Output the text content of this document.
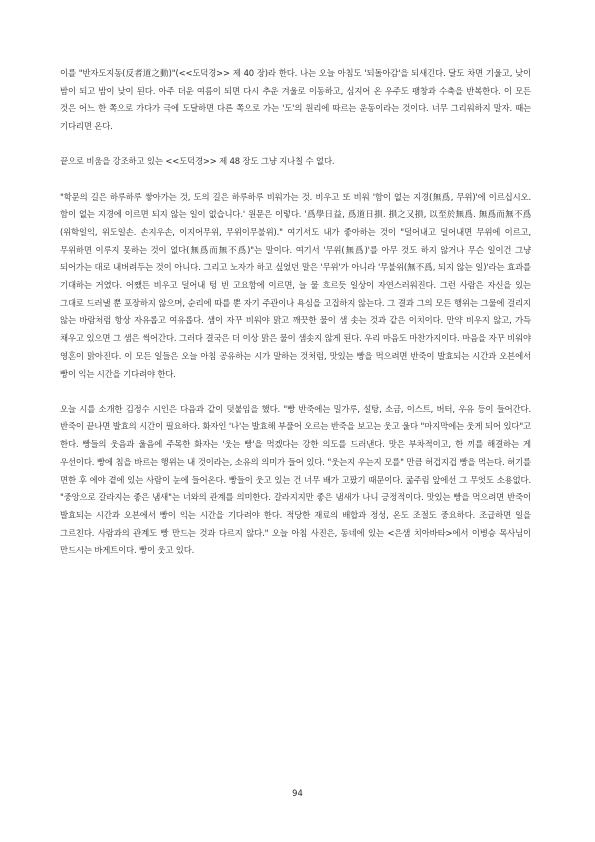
이를 "반자도지동(反者道之動)"(<<도덕경>> 제 40 장)라 한다. 나는 오늘 아침도 '되돌아감'을 되새긴다. 달도 차면 기울고, 낮이 밤이 되고 밤이 낮이 된다. 아주 더운 여름이 되면 다시 추운 겨울로 이동하고, 심지어 온 우주도 팽창과 수축을 반복한다. 이 모든 것은 어느 한 쪽으로 가다가 극에 도달하면 다른 쪽으로 가는 '도'의 원리에 따르는 운동이라는 것이다. 너무 그리워하지 말자. 때는 기다리면 온다.

끝으로 비움을 강조하고 있는 <<도덕경>> 제 48 장도 그냥 지나칠 수 없다.

"학문의 길은 하루하루 쌓아가는 것, 도의 길은 하루하루 비워가는 것. 비우고 또 비워 '함이 없는 지경(無爲, 무위)'에 이르십시오. 함이 없는 지경에 이르면 되지 않는 일이 없습니다.' 원문은 이렇다. '爲學日益, 爲道日損. 損之又損, 以至於無爲. 無爲而無不爲(위학일익, 위도일손. 손지우손, 이지어무위, 무위이무불위)." 여기서도 내가 좋아하는 것이 "덜어내고 덜어내면 무위에 이르고, 무위하면 이루지 못하는 것이 없다(無爲而無不爲)"는 말이다. 여기서 '무위(無爲)'를 아무 것도 하지 않거나 무슨 일이건 그냥 되어가는 대로 내버려두는 것이 아니다. 그리고 노자가 하고 싶었던 말은 '무위'가 아니라 '무불위(無不爲, 되지 않는 일)'라는 효과를 기대하는 거였다. 어쨌든 비우고 덜어내 텅 빈 고요함에 이르면, 늘 물 흐르듯 일상이 자연스러워진다. 그런 사람은 자신을 있는 그대로 드러낼 뿐 포장하지 않으며, 순리에 따를 뿐 자기 주관이나 욕심을 고집하지 않는다. 그 결과 그의 모든 행위는 그물에 걸리지 않는 바람처럼 항상 자유롭고 여유롭다. 샘이 자꾸 비워야 맑고 깨끗한 물이 샘 솟는 것과 같은 이치이다. 만약 비우지 않고, 가득 채우고 있으면 그 샘은 썩어간다. 그러다 결국은 더 이상 맑은 물이 샘솟지 않게 된다. 우리 마음도 마찬가지이다. 마음을 자꾸 비워야 영혼이 맑아진다. 이 모든 일들은 오늘 아침 공유하는 시가 말하는 것처럼, 맛있는 빵을 먹으려면 반죽이 발효되는 시간과 오븐에서 빵이 익는 시간을 기다려야 한다.

오늘 시를 소개한 김정수 시인은 다음과 같이 덧붙임을 했다. "빵 반죽에는 밀가루, 설탕, 소금, 이스트, 버터, 우유 등이 들어간다. 반죽이 끝나면 발효의 시간이 필요하다. 화자인 '나'는 발효해 부풀어 오르는 반죽을 보고는 웃고 울다 "마지막에는 웃게 되어 있다"고 한다. 빵들의 웃음과 울음에 주목한 화자는 '웃는 빵'을 먹겠다는 강한 의도를 드러낸다. 맛은 부차적이고, 한 끼를 해결하는 게 우선이다. 빵에 침을 바르는 행위는 내 것이라는, 소유의 의미가 들어 있다. "웃는지 우는지 모를" 만큼 허겁지겁 빵을 먹는다. 허기를 면한 후 에야 곁에 있는 사람이 눈에 들어온다. 빵들이 웃고 있는 건 너무 배가 고팠기 때문이다. 굶주림 앞에선 그 무엇도 소용없다. "중앙으로 갈라지는 좋은 냄새"는 너와의 관계를 의미한다. 갈라지지만 좋은 냄새가 나니 긍정적이다. 맛있는 빵을 먹으려면 반죽이 발효되는 시간과 오븐에서 빵이 익는 시간을 기다려야 한다. 적당한 재료의 배합과 정성, 온도 조절도 중요하다. 조급하면 일을 그르친다. 사람과의 관계도 빵 만드는 것과 다르지 않다." 오늘 아침 사진은, 동네에 있는 <은샘 치아바타>에서 이병승 목사님이 만드시는 바게트이다. 빵이 웃고 있다.

94
